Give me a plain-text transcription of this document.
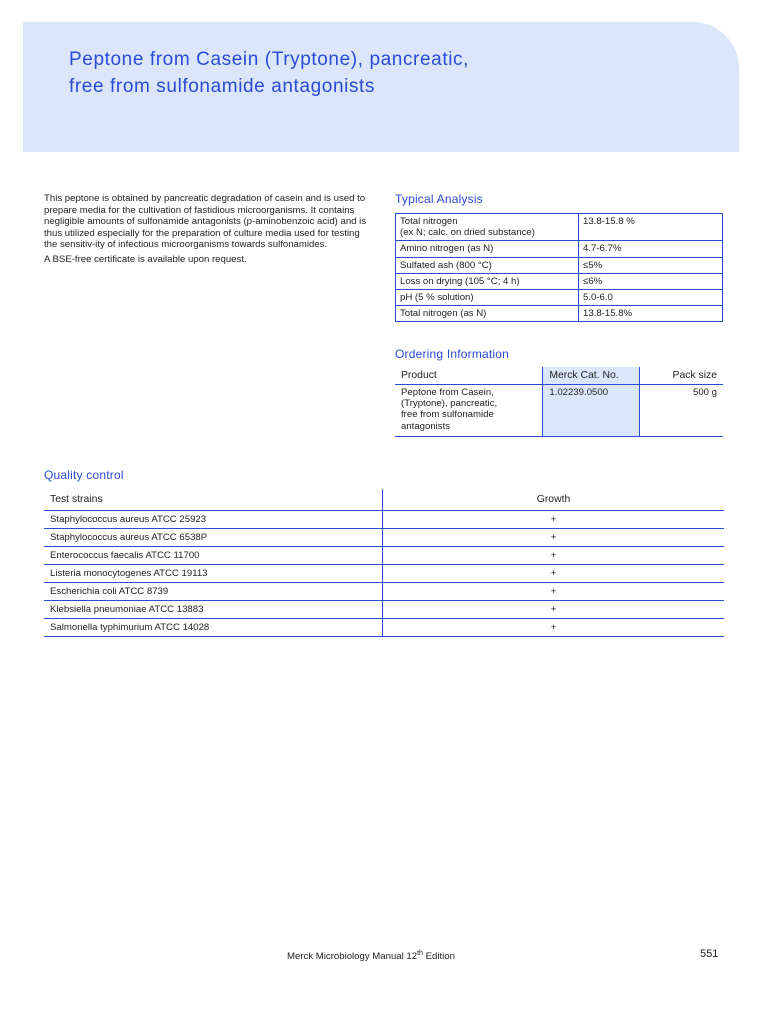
Peptone from Casein (Tryptone), pancreatic,
free from sulfonamide antagonists

This peptone is obtained by pancreatic degradation of casein and is used to prepare media for the cultivation of fastidious microorganisms. It contains negligible amounts of sulfonamide antagonists (p-aminobenzoic acid) and is thus utilized especially for the preparation of culture media used for testing the sensitiv-ity of infectious microorganisms towards sulfonamides.

A BSE-free certificate is available upon request.

Typical Analysis
Total nitrogen
(ex N; calc. on dried substance)	13.8-15.8 %
Amino nitrogen (as N)	4.7-6.7%
Sulfated ash (800 °C)	≤5%
Loss on drying (105 °C; 4 h)	≤6%
pH (5 % solution)	5.0-6.0
Total nitrogen (as N)	13.8-15.8%
Ordering Information
Product	Merck Cat. No.	Pack size

Peptone from Casein,
(Tryptone), pancreatic,
free from sulfonamide
antagonists	1.02239.0500	500 g
Quality control
Test strains	Growth
Staphylococcus aureus ATCC 25923	+
Staphylococcus aureus ATCC 6538P	+
Enterococcus faecalis ATCC 11700	+
Listeria monocytogenes ATCC 19113	+
Escherichia coli ATCC 8739	+
Klebsiella pneumoniae ATCC 13883	+
Salmonella typhimurium ATCC 14028	+
Merck Microbiology Manual 12th Edition	551
